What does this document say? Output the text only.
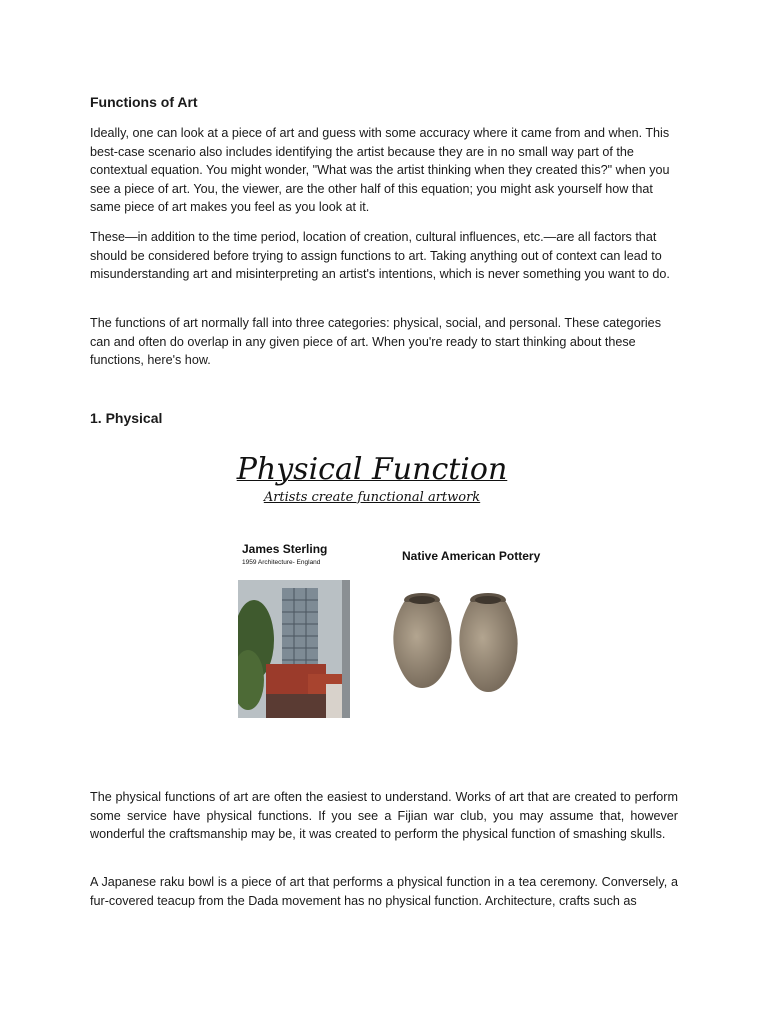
Functions of Art

Ideally, one can look at a piece of art and guess with some accuracy where it came from and when. This best-case scenario also includes identifying the artist because they are in no small way part of the contextual equation. You might wonder, "What was the artist thinking when they created this?" when you see a piece of art. You, the viewer, are the other half of this equation; you might ask yourself how that same piece of art makes you feel as you look at it.

These—in addition to the time period, location of creation, cultural influences, etc.—are all factors that should be considered before trying to assign functions to art. Taking anything out of context can lead to misunderstanding art and misinterpreting an artist's intentions, which is never something you want to do.

The functions of art normally fall into three categories: physical, social, and personal. These categories can and often do overlap in any given piece of art. When you're ready to start thinking about these functions, here's how.

1. Physical
Physical Function
Artists create functional artwork
James Sterling
1959 Architecture- England	Native American Pottery

The physical functions of art are often the easiest to understand. Works of art that are created to perform some service have physical functions. If you see a Fijian war club, you may assume that, however wonderful the craftsmanship may be, it was created to perform the physical function of smashing skulls.

A Japanese raku bowl is a piece of art that performs a physical function in a tea ceremony. Conversely, a fur-covered teacup from the Dada movement has no physical function. Architecture, crafts such as
